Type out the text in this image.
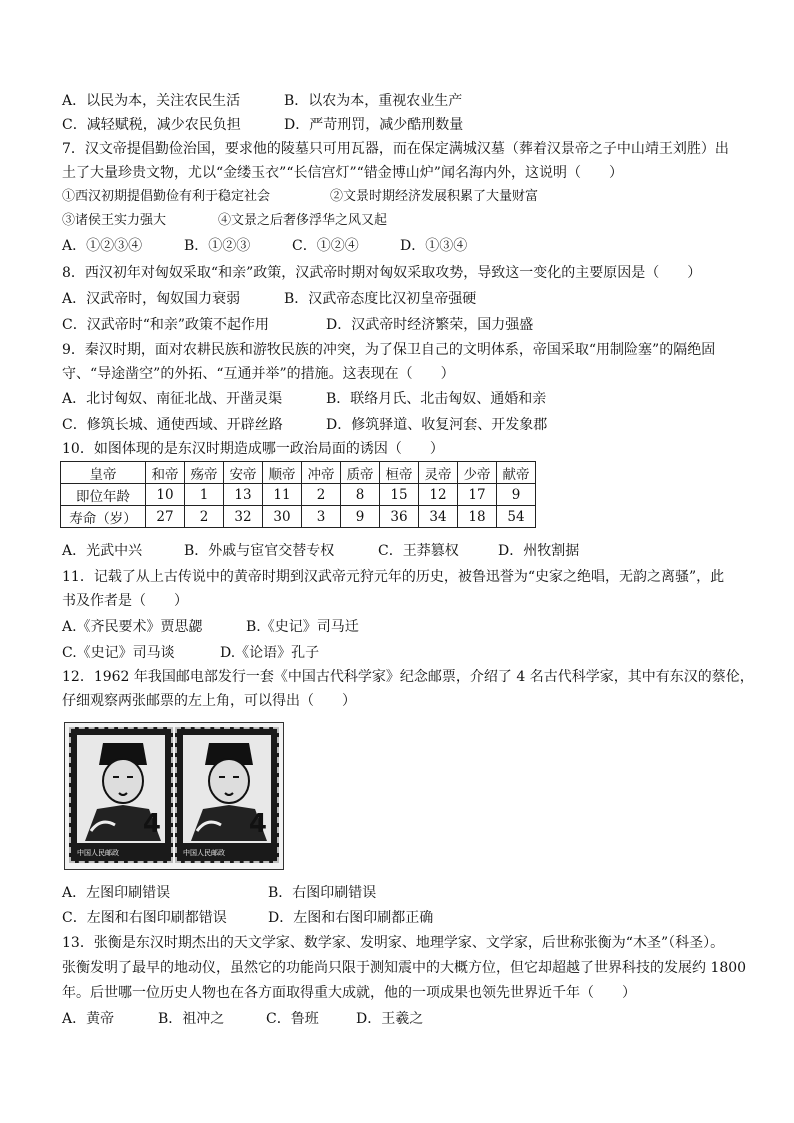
A．以民为本，关注农民生活	B．以农为本，重视农业生产
C．减轻赋税，减少农民负担	D．严苛刑罚，减少酷刑数量
7．汉文帝提倡勤俭治国，要求他的陵墓只可用瓦器，而在保定满城汉墓（葬着汉景帝之子中山靖王刘胜）出
土了大量珍贵文物，尤以“金缕玉衣”“长信宫灯”“错金博山炉”闻名海内外，这说明（　　）
①西汉初期提倡勤俭有利于稳定社会	②文景时期经济发展积累了大量财富
③诸侯王实力强大	④文景之后奢侈浮华之风又起
A．①②③④	B．①②③	C．①②④	D．①③④
8．西汉初年对匈奴采取“和亲”政策，汉武帝时期对匈奴采取攻势，导致这一变化的主要原因是（　　）
A．汉武帝时，匈奴国力衰弱	B．汉武帝态度比汉初皇帝强硬
C．汉武帝时“和亲”政策不起作用	D．汉武帝时经济繁荣，国力强盛
9．秦汉时期，面对农耕民族和游牧民族的冲突，为了保卫自己的文明体系，帝国采取“用制险塞”的隔绝固
守、“导途凿空”的外拓、“互通并举”的措施。这表现在（　　）
A．北讨匈奴、南征北战、开凿灵渠	B．联络月氏、北击匈奴、通婚和亲
C．修筑长城、通使西域、开辟丝路	D．修筑驿道、收复河套、开发象郡
10．如图体现的是东汉时期造成哪一政治局面的诱因（　　）
皇帝	和帝	殇帝	安帝	顺帝	冲帝	质帝	桓帝	灵帝	少帝	献帝
即位年龄	10	1	13	11	2	8	15	12	17	9
寿命（岁）	27	2	32	30	3	9	36	34	18	54
A．光武中兴	B．外戚与宦官交替专权	C．王莽篡权	D．州牧割据
11．记载了从上古传说中的黄帝时期到汉武帝元狩元年的历史，被鲁迅誉为“史家之绝唱，无韵之离骚”，此
书及作者是（　　）
A.《齐民要术》贾思勰	B.《史记》司马迁
C.《史记》司马谈	D.《论语》孔子
12．1962 年我国邮电部发行一套《中国古代科学家》纪念邮票，介绍了 4 名古代科学家，其中有东汉的蔡伦，
仔细观察两张邮票的左上角，可以得出（　　）
4
中国人民邮政
4
中国人民邮政
A．左图印刷错误	B．右图印刷错误
C．左图和右图印刷都错误	D．左图和右图印刷都正确
13．张衡是东汉时期杰出的天文学家、数学家、发明家、地理学家、文学家，后世称张衡为“木圣”（科圣）。
张衡发明了最早的地动仪，虽然它的功能尚只限于测知震中的大概方位，但它却超越了世界科技的发展约 1800
年。后世哪一位历史人物也在各方面取得重大成就，他的一项成果也领先世界近千年（　　）
A．黄帝	B．祖冲之	C．鲁班	D．王羲之
